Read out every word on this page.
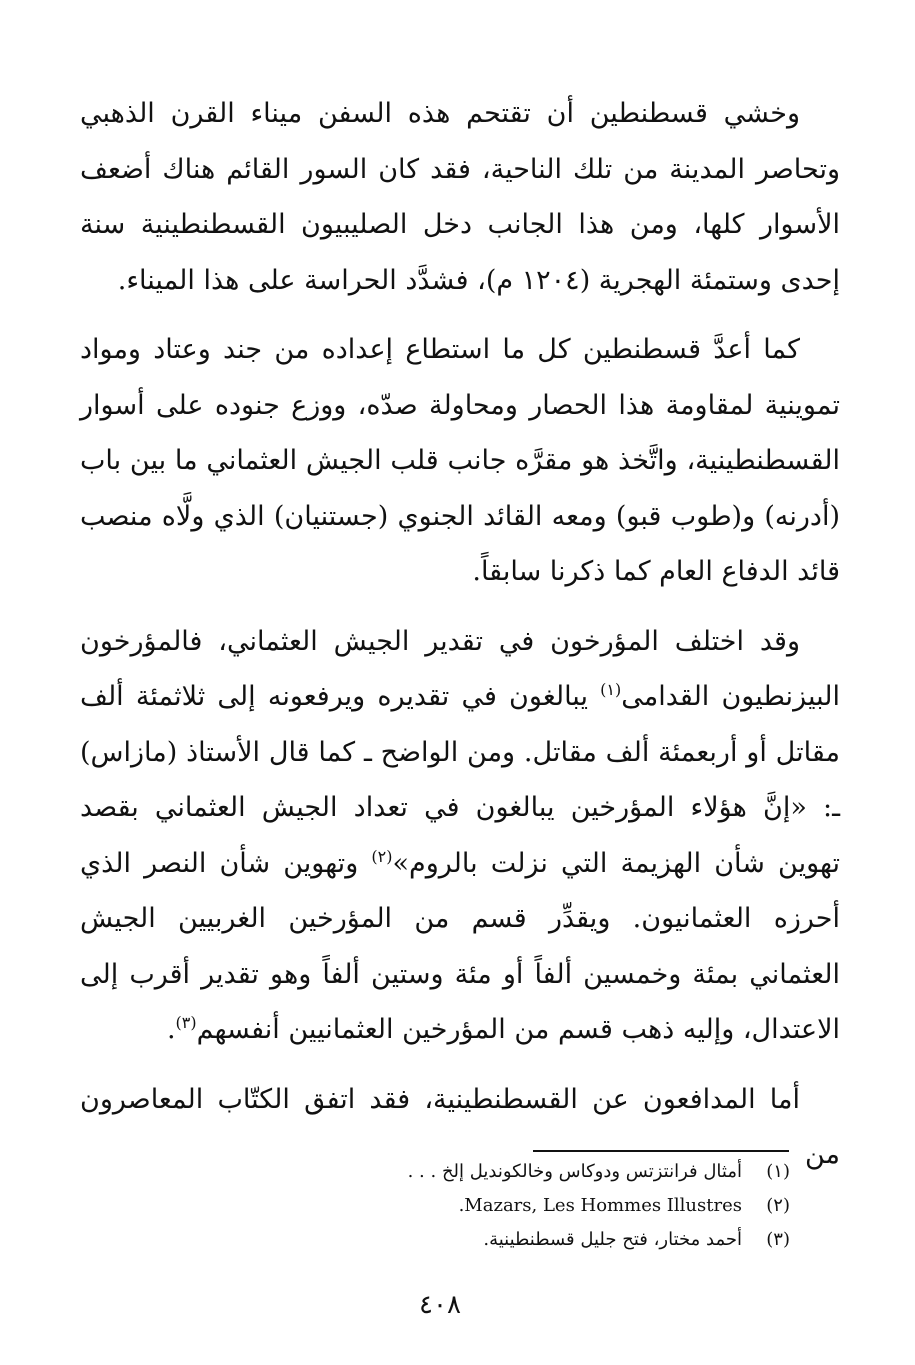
وخشي قسطنطين أن تقتحم هذه السفن ميناء القرن الذهبي وتحاصر المدينة من تلك الناحية، فقد كان السور القائم هناك أضعف الأسوار كلها، ومن هذا الجانب دخل الصليبيون القسطنطينية سنة إحدى وستمئة الهجرية (١٢٠٤ م)، فشدَّد الحراسة على هذا الميناء.

كما أعدَّ قسطنطين كل ما استطاع إعداده من جند وعتاد ومواد تموينية لمقاومة هذا الحصار ومحاولة صدّه، ووزع جنوده على أسوار القسطنطينية، واتَّخذ هو مقرَّه جانب قلب الجيش العثماني ما بين باب (أدرنه) و(طوب قبو) ومعه القائد الجنوي (جستنيان) الذي ولَّاه منصب قائد الدفاع العام كما ذكرنا سابقاً.

وقد اختلف المؤرخون في تقدير الجيش العثماني، فالمؤرخون البيزنطيون القدامى$^{(١)}$ يبالغون في تقديره ويرفعونه إلى ثلاثمئة ألف مقاتل أو أربعمئة ألف مقاتل. ومن الواضح ـ كما قال الأستاذ (مازاس) ـ: «إنَّ هؤلاء المؤرخين يبالغون في تعداد الجيش العثماني بقصد تهوين شأن الهزيمة التي نزلت بالروم»$^{(٢)}$ وتهوين شأن النصر الذي أحرزه العثمانيون. ويقدِّر قسم من المؤرخين الغربيين الجيش العثماني بمئة وخمسين ألفاً أو مئة وستين ألفاً وهو تقدير أقرب إلى الاعتدال، وإليه ذهب قسم من المؤرخين العثمانيين أنفسهم$^{(٣)}$.

أما المدافعون عن القسطنطينية، فقد اتفق الكتّاب المعاصرون من

(١)
أمثال فرانتزتس ودوكاس وخالكونديل إلخ . . .
(٢)
Mazars, Les Hommes Illustres.
(٣)
أحمد مختار، فتح جليل قسطنطينية.
٤٠٨
